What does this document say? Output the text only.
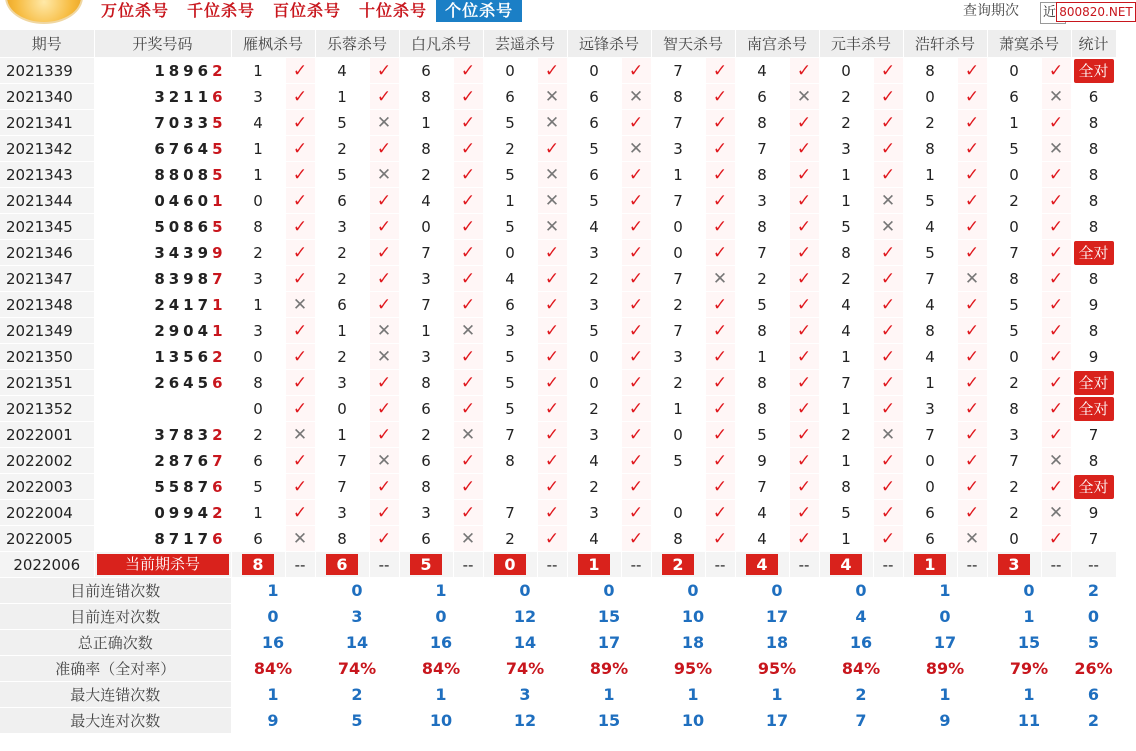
万位杀号	千位杀号	百位杀号	十位杀号	个位杀号	查询期次 近 800820.NET
期号	开奖号码	雁枫杀号		乐蓉杀号		白凡杀号		芸遥杀号		远锋杀号		智天杀号		南宫杀号		元丰杀号		浩轩杀号		萧寞杀号		统计
2021339	18962	1	✓	4	✓	6	✓	0	✓	0	✓	7	✓	4	✓	0	✓	8	✓	0	✓	全对
2021340	32116	3	✓	1	✓	8	✓	6	✕	6	✕	8	✓	6	✕	2	✓	0	✓	6	✕	6
2021341	70335	4	✓	5	✕	1	✓	5	✕	6	✓	7	✓	8	✓	2	✓	2	✓	1	✓	8
2021342	67645	1	✓	2	✓	8	✓	2	✓	5	✕	3	✓	7	✓	3	✓	8	✓	5	✕	8
2021343	88085	1	✓	5	✕	2	✓	5	✕	6	✓	1	✓	8	✓	1	✓	1	✓	0	✓	8
2021344	04601	0	✓	6	✓	4	✓	1	✕	5	✓	7	✓	3	✓	1	✕	5	✓	2	✓	8
2021345	50865	8	✓	3	✓	0	✓	5	✕	4	✓	0	✓	8	✓	5	✕	4	✓	0	✓	8
2021346	34399	2	✓	2	✓	7	✓	0	✓	3	✓	0	✓	7	✓	8	✓	5	✓	7	✓	全对
2021347	83987	3	✓	2	✓	3	✓	4	✓	2	✓	7	✕	2	✓	2	✓	7	✕	8	✓	8
2021348	24171	1	✕	6	✓	7	✓	6	✓	3	✓	2	✓	5	✓	4	✓	4	✓	5	✓	9
2021349	29041	3	✓	1	✕	1	✕	3	✓	5	✓	7	✓	8	✓	4	✓	8	✓	5	✓	8
2021350	13562	0	✓	2	✕	3	✓	5	✓	0	✓	3	✓	1	✓	1	✓	4	✓	0	✓	9
2021351	26456	8	✓	3	✓	8	✓	5	✓	0	✓	2	✓	8	✓	7	✓	1	✓	2	✓	全对
2021352		0	✓	0	✓	6	✓	5	✓	2	✓	1	✓	8	✓	1	✓	3	✓	8	✓	全对
2022001	37832	2	✕	1	✓	2	✕	7	✓	3	✓	0	✓	5	✓	2	✕	7	✓	3	✓	7
2022002	28767	6	✓	7	✕	6	✓	8	✓	4	✓	5	✓	9	✓	1	✓	0	✓	7	✕	8
2022003	55876	5	✓	7	✓	8	✓		✓	2	✓		✓	7	✓	8	✓	0	✓	2	✓	全对
2022004	09942	1	✓	3	✓	3	✓	7	✓	3	✓	0	✓	4	✓	5	✓	6	✓	2	✕	9
2022005	87176	6	✕	8	✓	6	✕	2	✓	4	✓	8	✓	4	✓	1	✓	6	✕	0	✓	7
2022006	当前期杀号	8	--	6	--	5	--	0	--	1	--	2	--	4	--	4	--	1	--	3	--	--
目前连错次数		1		0		1		0		0		0		0		0		1		0		2
目前连对次数		0		3		0		12		15		10		17		4		0		1		0
总正确次数		16		14		16		14		17		18		18		16		17		15		5
准确率（全对率）		84%		74%		84%		74%		89%		95%		95%		84%		89%		79%		26%
最大连错次数		1		2		1		3		1		1		1		2		1		1		6
最大连对次数		9		5		10		12		15		10		17		7		9		11		2
